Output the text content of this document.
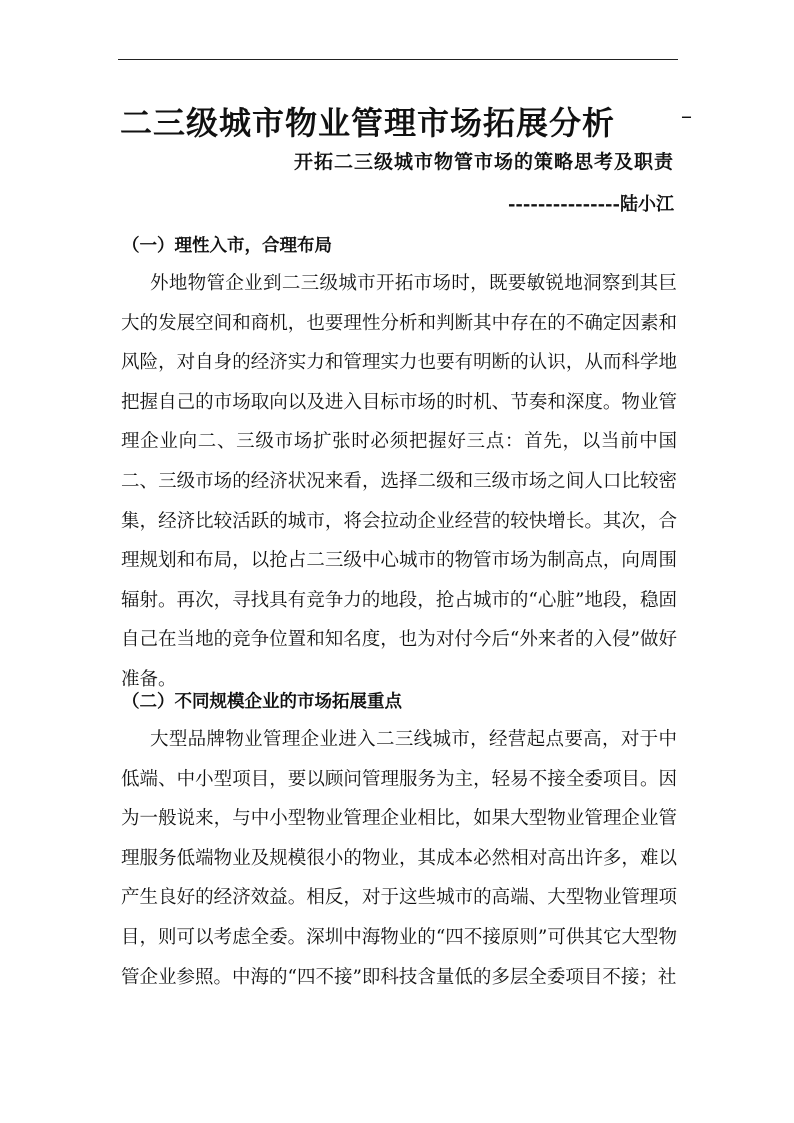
二三级城市物业管理市场拓展分析	–
开拓二三级城市物管市场的策略思考及职责
---------------陆小江
（一）理性入市，合理布局

外地物管企业到二三级城市开拓市场时，既要敏锐地洞察到其巨大的发展空间和商机，也要理性分析和判断其中存在的不确定因素和风险，对自身的经济实力和管理实力也要有明断的认识，从而科学地把握自己的市场取向以及进入目标市场的时机、节奏和深度。物业管理企业向二、三级市场扩张时必须把握好三点：首先，以当前中国二、三级市场的经济状况来看，选择二级和三级市场之间人口比较密集，经济比较活跃的城市，将会拉动企业经营的较快增长。其次，合理规划和布局，以抢占二三级中心城市的物管市场为制高点，向周围辐射。再次，寻找具有竞争力的地段，抢占城市的“心脏”地段，稳固自己在当地的竞争位置和知名度，也为对付今后“外来者的入侵”做好准备。

（二）不同规模企业的市场拓展重点

大型品牌物业管理企业进入二三线城市，经营起点要高，对于中低端、中小型项目，要以顾问管理服务为主，轻易不接全委项目。因为一般说来，与中小型物业管理企业相比，如果大型物业管理企业管理服务低端物业及规模很小的物业，其成本必然相对高出许多，难以产生良好的经济效益。相反，对于这些城市的高端、大型物业管理项目，则可以考虑全委。深圳中海物业的“四不接原则”可供其它大型物管企业参照。中海的“四不接”即科技含量低的多层全委项目不接；社
